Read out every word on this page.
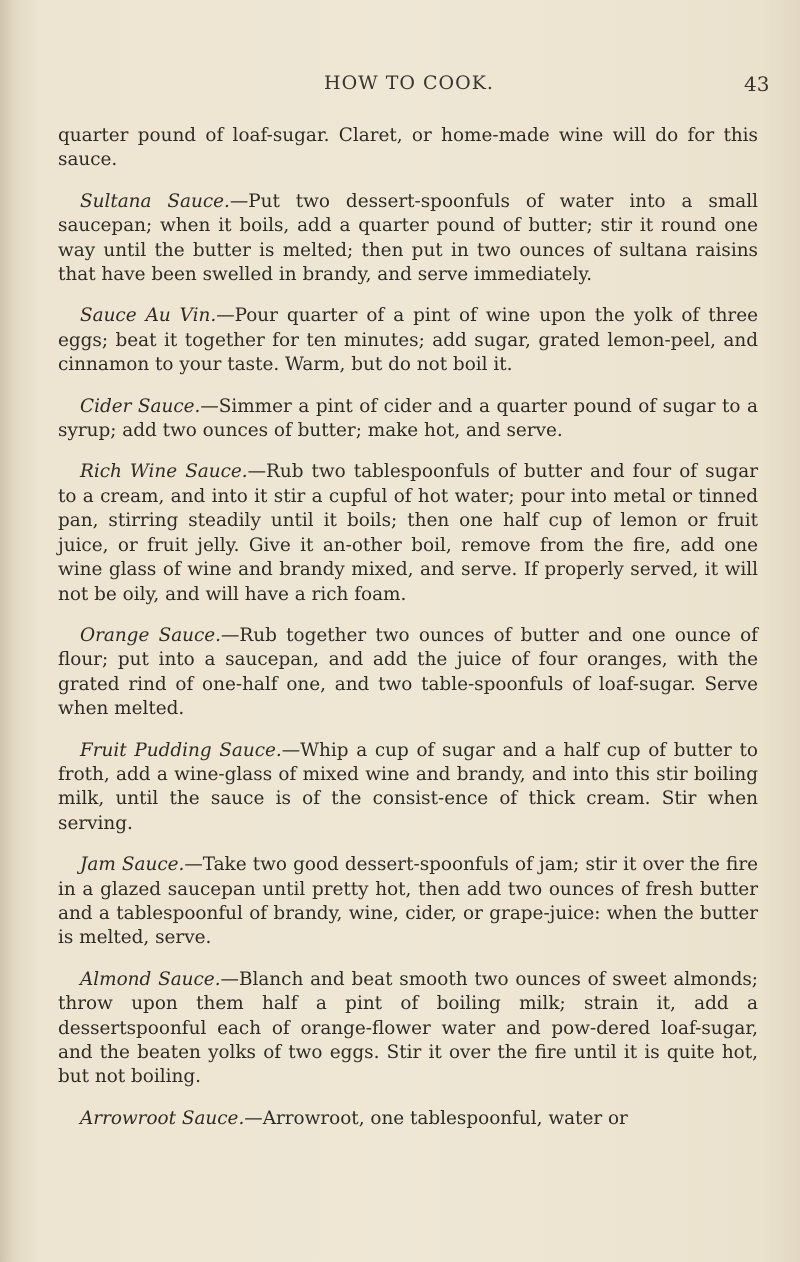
HOW TO COOK.	43

quarter pound of loaf-sugar. Claret, or home-made wine will do for this sauce.

Sultana Sauce.—Put two dessert-spoonfuls of water into a small saucepan; when it boils, add a quarter pound of butter; stir it round one way until the butter is melted; then put in two ounces of sultana raisins that have been swelled in brandy, and serve immediately.

Sauce Au Vin.—Pour quarter of a pint of wine upon the yolk of three eggs; beat it together for ten minutes; add sugar, grated lemon-peel, and cinnamon to your taste. Warm, but do not boil it.

Cider Sauce.—Simmer a pint of cider and a quarter pound of sugar to a syrup; add two ounces of butter; make hot, and serve.

Rich Wine Sauce.—Rub two tablespoonfuls of butter and four of sugar to a cream, and into it stir a cupful of hot water; pour into metal or tinned pan, stirring steadily until it boils; then one half cup of lemon or fruit juice, or fruit jelly. Give it an-other boil, remove from the fire, add one wine glass of wine and brandy mixed, and serve. If properly served, it will not be oily, and will have a rich foam.

Orange Sauce.—Rub together two ounces of butter and one ounce of flour; put into a saucepan, and add the juice of four oranges, with the grated rind of one-half one, and two table-spoonfuls of loaf-sugar. Serve when melted.

Fruit Pudding Sauce.—Whip a cup of sugar and a half cup of butter to froth, add a wine-glass of mixed wine and brandy, and into this stir boiling milk, until the sauce is of the consist-ence of thick cream. Stir when serving.

Jam Sauce.—Take two good dessert-spoonfuls of jam; stir it over the fire in a glazed saucepan until pretty hot, then add two ounces of fresh butter and a tablespoonful of brandy, wine, cider, or grape-juice: when the butter is melted, serve.

Almond Sauce.—Blanch and beat smooth two ounces of sweet almonds; throw upon them half a pint of boiling milk; strain it, add a dessertspoonful each of orange-flower water and pow-dered loaf-sugar, and the beaten yolks of two eggs. Stir it over the fire until it is quite hot, but not boiling.

Arrowroot Sauce.—Arrowroot, one tablespoonful, water or
